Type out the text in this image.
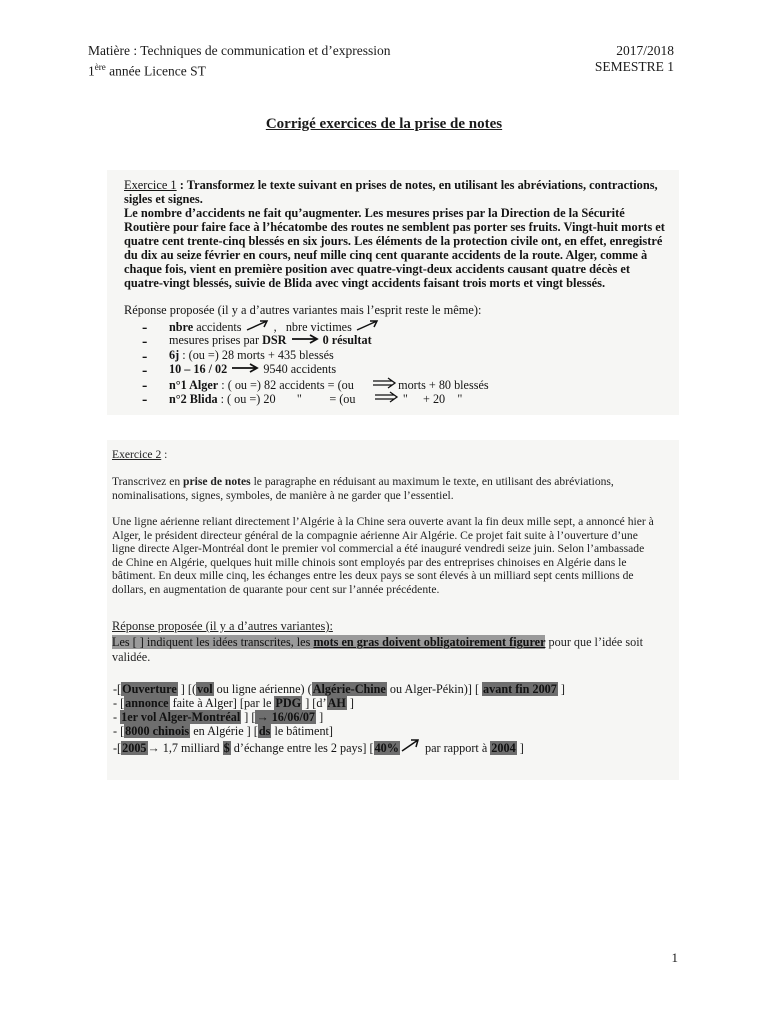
Matière : Techniques de communication et d’expression
1ère année Licence ST
2017/2018
SEMESTRE 1
Corrigé exercices de la prise de notes

Exercice 1 : Transformez le texte suivant en prises de notes, en utilisant les abréviations, contractions, sigles et signes.

Le nombre d’accidents ne fait qu’augmenter. Les mesures prises par la Direction de la Sécurité Routière pour faire face à l’hécatombe des routes ne semblent pas porter ses fruits. Vingt-huit morts et quatre cent trente-cinq blessés en six jours. Les éléments de la protection civile ont, en effet, enregistré du dix au seize février en cours, neuf mille cinq cent quarante accidents de la route. Alger, comme à chaque fois, vient en première position avec quatre-vingt-deux accidents causant quatre décès et quatre-vingt blessés, suivie de Blida avec vingt accidents faisant trois morts et vingt blessés.

Réponse proposée (il y a d’autres variantes mais l’esprit reste le même):

- nbre accidents	, nbre victimes
- mesures prises par DSR	0 résultat
- 6j : (ou =) 28 morts + 435 blessés
- 10 – 16 / 02	9540 accidents
- n°1 Alger : ( ou =) 82 accidents = (ou	morts + 80 blessés
- n°2 Blida : ( ou =) 20 " = (ou	" + 20 "

Exercice 2 :

Transcrivez en prise de notes le paragraphe en réduisant au maximum le texte, en utilisant des abréviations, nominalisations, signes, symboles, de manière à ne garder que l’essentiel.

Une ligne aérienne reliant directement l’Algérie à la Chine sera ouverte avant la fin deux mille sept, a annoncé hier à Alger, le président directeur général de la compagnie aérienne Air Algérie. Ce projet fait suite à l’ouverture d’une ligne directe Alger-Montréal dont le premier vol commercial a été inauguré vendredi seize juin. Selon l’ambassade de Chine en Algérie, quelques huit mille chinois sont employés par des entreprises chinoises en Algérie dans le bâtiment. En deux mille cinq, les échanges entre les deux pays se sont élevés à un milliard sept cents millions de dollars, en augmentation de quarante pour cent sur l’année précédente.

Réponse proposée (il y a d’autres variantes):

Les [ ] indiquent les idées transcrites, les mots en gras doivent obligatoirement figurer pour que l’idée soit validée.

-[Ouverture ] [(vol ou ligne aérienne) (Algérie-Chine ou Alger-Pékin)] [ avant fin 2007 ]
- [annonce faite à Alger] [par le PDG ] [d’AH ]
- 1er vol Alger-Montréal ] [→ 16/06/07 ]
- [8000 chinois en Algérie ] [ds le bâtiment]
-[2005→ 1,7 milliard $ d’échange entre les 2 pays] [40% par rapport à 2004 ]
1
